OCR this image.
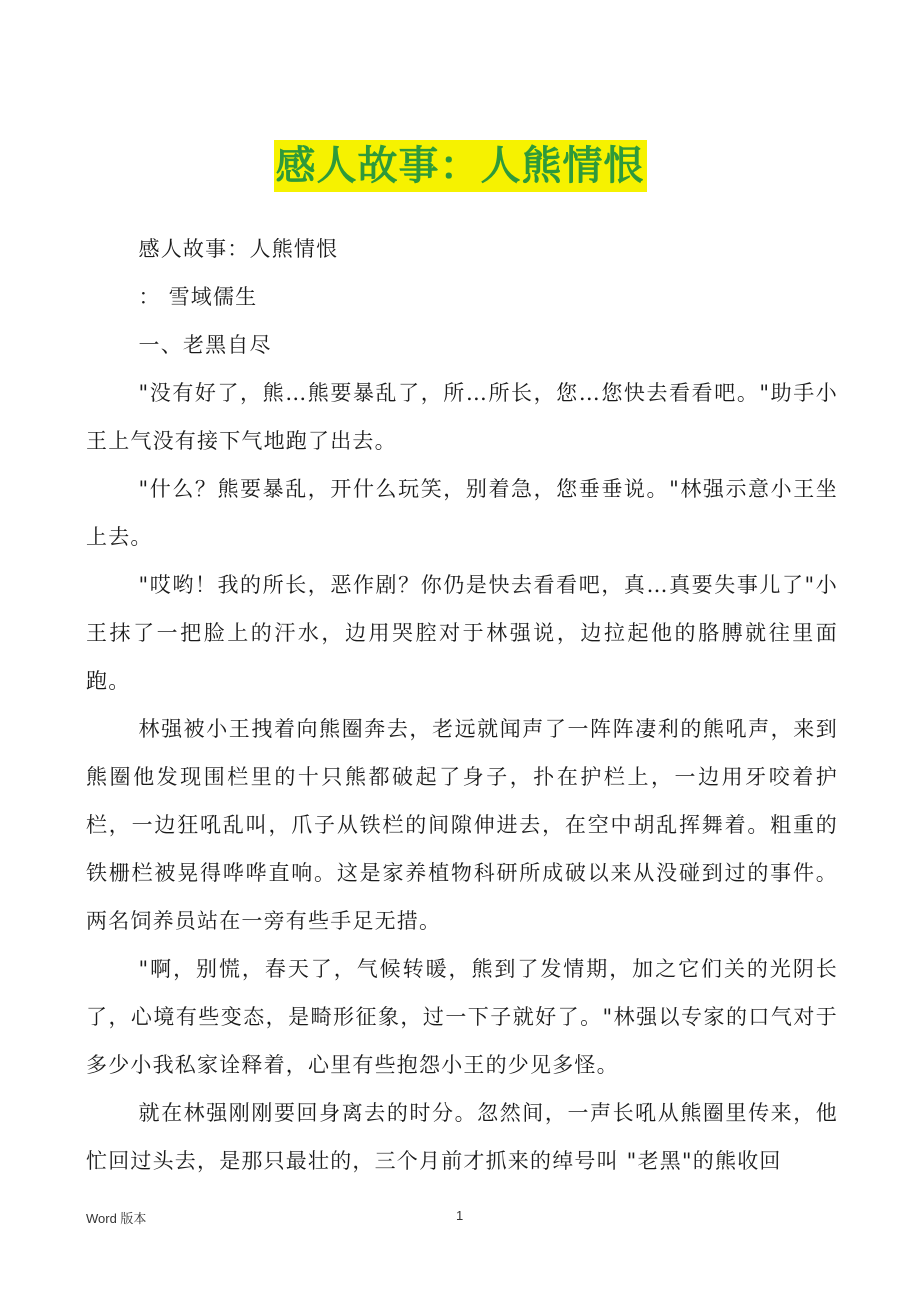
感人故事：人熊情恨

感人故事：人熊情恨

： 雪域儒生

一、老黑自尽

"没有好了，熊…熊要暴乱了，所…所长，您…您快去看看吧。"助手小王上气没有接下气地跑了出去。

"什么？熊要暴乱，开什么玩笑，别着急，您垂垂说。"林强示意小王坐上去。

"哎哟！我的所长，恶作剧？你仍是快去看看吧，真…真要失事儿了"小王抹了一把脸上的汗水，边用哭腔对于林强说，边拉起他的胳膊就往里面跑。

林强被小王拽着向熊圈奔去，老远就闻声了一阵阵凄利的熊吼声，来到熊圈他发现围栏里的十只熊都破起了身子，扑在护栏上，一边用牙咬着护栏，一边狂吼乱叫，爪子从铁栏的间隙伸进去，在空中胡乱挥舞着。粗重的铁栅栏被晃得哗哗直响。这是家养植物科研所成破以来从没碰到过的事件。两名饲养员站在一旁有些手足无措。

"啊，别慌，春天了，气候转暖，熊到了发情期，加之它们关的光阴长了，心境有些变态，是畸形征象，过一下子就好了。"林强以专家的口气对于多少小我私家诠释着，心里有些抱怨小王的少见多怪。

就在林强刚刚要回身离去的时分。忽然间，一声长吼从熊圈里传来，他忙回过头去，是那只最壮的，三个月前才抓来的绰号叫 "老黑"的熊收回

Word 版本	1
